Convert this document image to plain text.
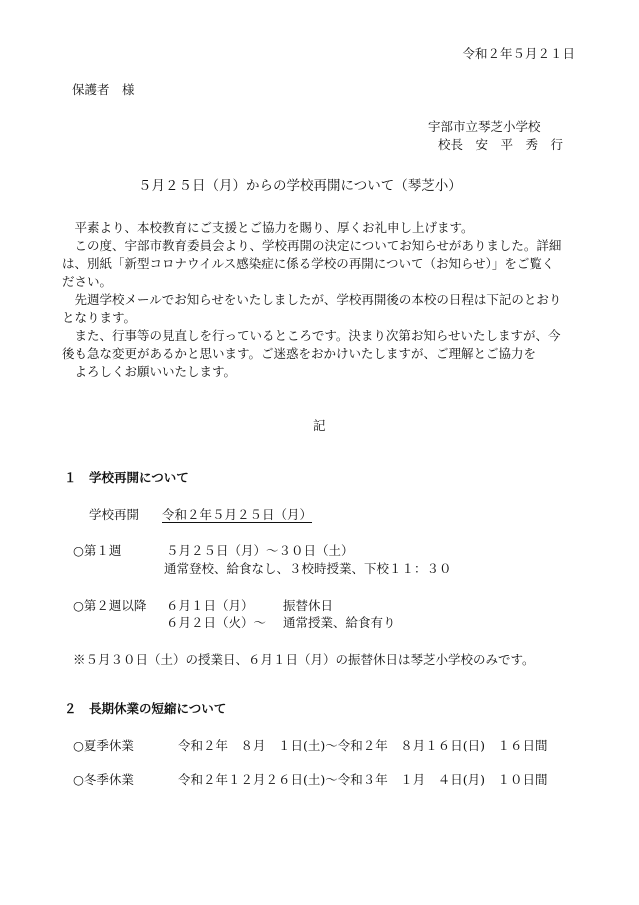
令和２年５月２１日
保護者　様
宇部市立琴芝小学校
校長　安　平　秀　行
５月２５日（月）からの学校再開について（琴芝小）

　平素より、本校教育にご支援とご協力を賜り、厚くお礼申し上げます。

　この度、宇部市教育委員会より、学校再開の決定についてお知らせがありました。詳細

は、別紙「新型コロナウイルス感染症に係る学校の再開について（お知らせ）」をご覧く

ださい。

　先週学校メールでお知らせをいたしましたが、学校再開後の本校の日程は下記のとおり

となります。

　また、行事等の見直しを行っているところです。決まり次第お知らせいたしますが、今

後も急な変更があるかと思います。ご迷惑をおかけいたしますが、ご理解とご協力を

　よろしくお願いいたします。

記
１　学校再開について
学校再開 令和２年５月２５日（月）
○第１週	５月２５日（月）～３０日（土）
通常登校、給食なし、３校時授業、下校１１：３０
○第２週以降 ６月１日（月） 振替休日
６月２日（火）～ 通常授業、給食有り
※５月３０日（土）の授業日、６月１日（月）の振替休日は琴芝小学校のみです。
２　長期休業の短縮について
○夏季休業	令和２年　８月　１日(土)～令和２年　８月１６日(日)　１６日間
○冬季休業	令和２年１２月２６日(土)～令和３年　１月　４日(月)　１０日間
